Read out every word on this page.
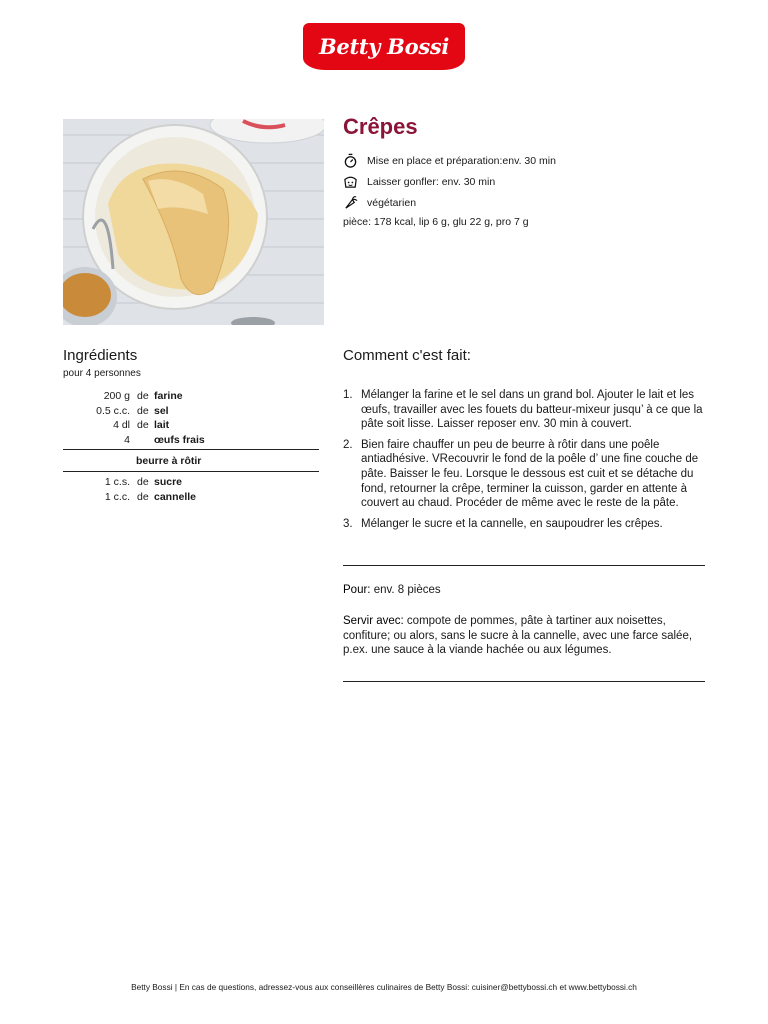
Betty Bossi
Crêpes
Mise en place et préparation:env. 30 min
Laisser gonfler: env. 30 min
végétarien
pièce: 178 kcal, lip 6 g, glu 22 g, pro 7 g
Ingrédients
pour 4 personnes
200 g de farine
0.5 c.c. de sel
4 dl de lait
4 œufs frais
beurre à rôtir
1 c.s. de sucre
1 c.c. de cannelle
Comment c'est fait:
1. Mélanger la farine et le sel dans un grand bol. Ajouter le lait et les œufs, travailler avec les fouets du batteur-mixeur jusqu’ à ce que la pâte soit lisse. Laisser reposer env. 30 min à couvert.
2. Bien faire chauffer un peu de beurre à rôtir dans une poêle antiadhésive. VRecouvrir le fond de la poêle d’ une fine couche de pâte. Baisser le feu. Lorsque le dessous est cuit et se détache du fond, retourner la crêpe, terminer la cuisson, garder en attente à couvert au chaud. Procéder de même avec le reste de la pâte.
3. Mélanger le sucre et la cannelle, en saupoudrer les crêpes.

Pour: env. 8 pièces

Servir avec: compote de pommes, pâte à tartiner aux noisettes, confiture; ou alors, sans le sucre à la cannelle, avec une farce salée, p.ex. une sauce à la viande hachée ou aux légumes.

Betty Bossi | En cas de questions, adressez-vous aux conseillères culinaires de Betty Bossi: cuisiner@bettybossi.ch et www.bettybossi.ch
